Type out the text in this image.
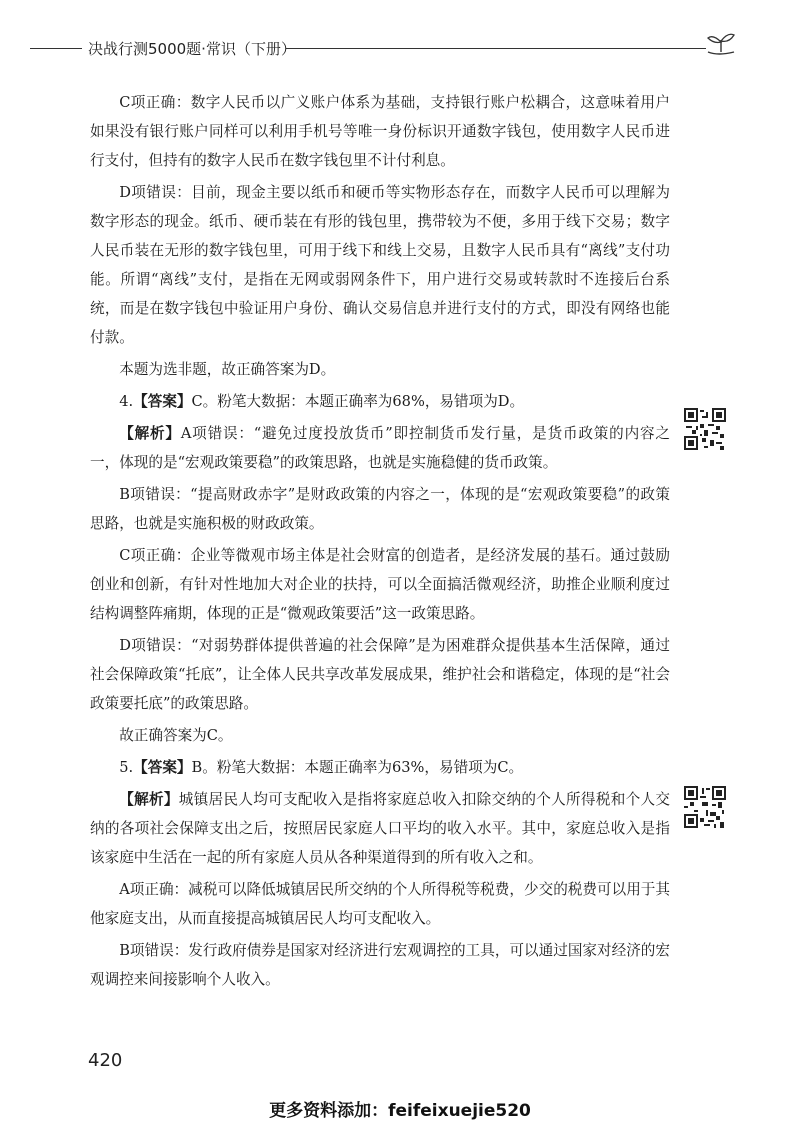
决战行测5000题·常识（下册）

C项正确：数字人民币以广义账户体系为基础，支持银行账户松耦合，这意味着用户如果没有银行账户同样可以利用手机号等唯一身份标识开通数字钱包，使用数字人民币进行支付，但持有的数字人民币在数字钱包里不计付利息。

D项错误：目前，现金主要以纸币和硬币等实物形态存在，而数字人民币可以理解为数字形态的现金。纸币、硬币装在有形的钱包里，携带较为不便，多用于线下交易；数字人民币装在无形的数字钱包里，可用于线下和线上交易，且数字人民币具有“离线”支付功能。所谓“离线”支付，是指在无网或弱网条件下，用户进行交易或转款时不连接后台系统，而是在数字钱包中验证用户身份、确认交易信息并进行支付的方式，即没有网络也能付款。

本题为选非题，故正确答案为D。

4.【答案】C。粉笔大数据：本题正确率为68%，易错项为D。

【解析】A项错误：“避免过度投放货币”即控制货币发行量，是货币政策的内容之一，体现的是“宏观政策要稳”的政策思路，也就是实施稳健的货币政策。

B项错误：“提高财政赤字”是财政政策的内容之一，体现的是“宏观政策要稳”的政策思路，也就是实施积极的财政政策。

C项正确：企业等微观市场主体是社会财富的创造者，是经济发展的基石。通过鼓励创业和创新，有针对性地加大对企业的扶持，可以全面搞活微观经济，助推企业顺利度过结构调整阵痛期，体现的正是“微观政策要活”这一政策思路。

D项错误：“对弱势群体提供普遍的社会保障”是为困难群众提供基本生活保障，通过社会保障政策“托底”，让全体人民共享改革发展成果，维护社会和谐稳定，体现的是“社会政策要托底”的政策思路。

故正确答案为C。

5.【答案】B。粉笔大数据：本题正确率为63%，易错项为C。

【解析】城镇居民人均可支配收入是指将家庭总收入扣除交纳的个人所得税和个人交纳的各项社会保障支出之后，按照居民家庭人口平均的收入水平。其中，家庭总收入是指该家庭中生活在一起的所有家庭人员从各种渠道得到的所有收入之和。

A项正确：减税可以降低城镇居民所交纳的个人所得税等税费，少交的税费可以用于其他家庭支出，从而直接提高城镇居民人均可支配收入。

B项错误：发行政府债券是国家对经济进行宏观调控的工具，可以通过国家对经济的宏观调控来间接影响个人收入。

420
更多资料添加：feifeixuejie520
